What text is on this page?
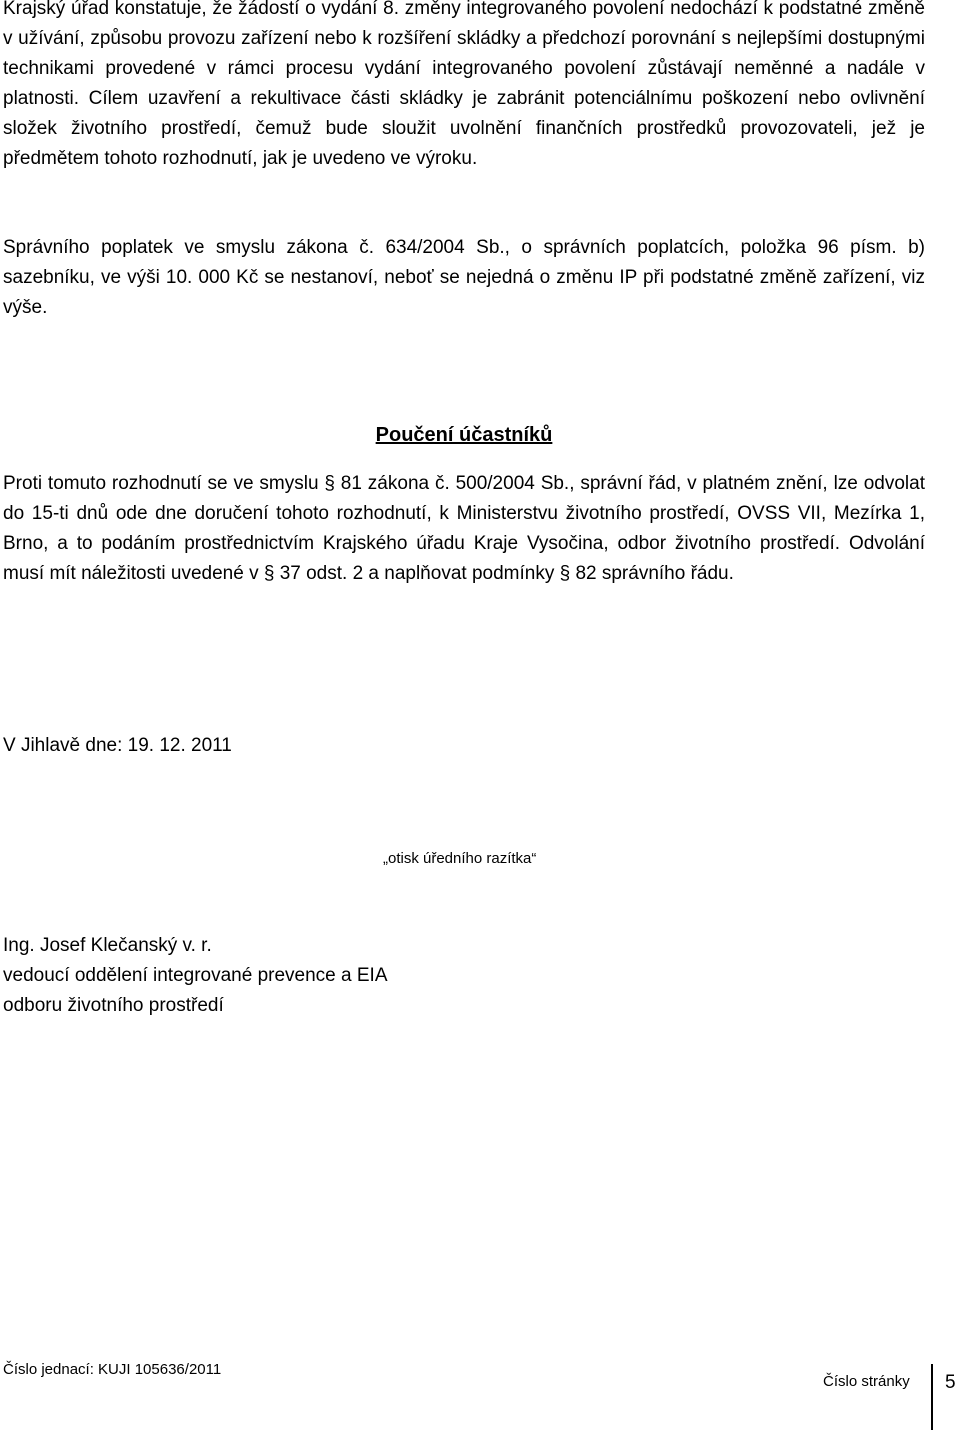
Krajský úřad konstatuje, že žádostí o vydání 8. změny integrovaného povolení nedochází k podstatné změně v užívání, způsobu provozu zařízení nebo k rozšíření skládky a předchozí porovnání s nejlepšími dostupnými technikami provedené v rámci procesu vydání integrovaného povolení zůstávají neměnné a nadále v platnosti. Cílem uzavření a rekultivace části skládky je zabránit potenciálnímu poškození nebo ovlivnění složek životního prostředí, čemuž bude sloužit uvolnění finančních prostředků provozovateli, jež je předmětem tohoto rozhodnutí, jak je uvedeno ve výroku.

Správního poplatek ve smyslu zákona č. 634/2004 Sb., o správních poplatcích, položka 96 písm. b) sazebníku, ve výši 10. 000 Kč se nestanoví, neboť se nejedná o změnu IP při podstatné změně zařízení, viz výše.

Poučení účastníků

Proti tomuto rozhodnutí se ve smyslu § 81 zákona č. 500/2004 Sb., správní řád, v platném znění, lze odvolat do 15-ti dnů ode dne doručení tohoto rozhodnutí, k Ministerstvu životního prostředí, OVSS VII, Mezírka 1, Brno, a to podáním prostřednictvím Krajského úřadu Kraje Vysočina, odbor životního prostředí. Odvolání musí mít náležitosti uvedené v § 37 odst. 2 a naplňovat podmínky § 82 správního řádu.

V Jihlavě dne: 19. 12. 2011

„otisk úředního razítka“

Ing. Josef Klečanský v. r.
vedoucí oddělení integrované prevence a EIA
odboru životního prostředí

Číslo jednací: KUJI 105636/2011

Číslo stránky 5
